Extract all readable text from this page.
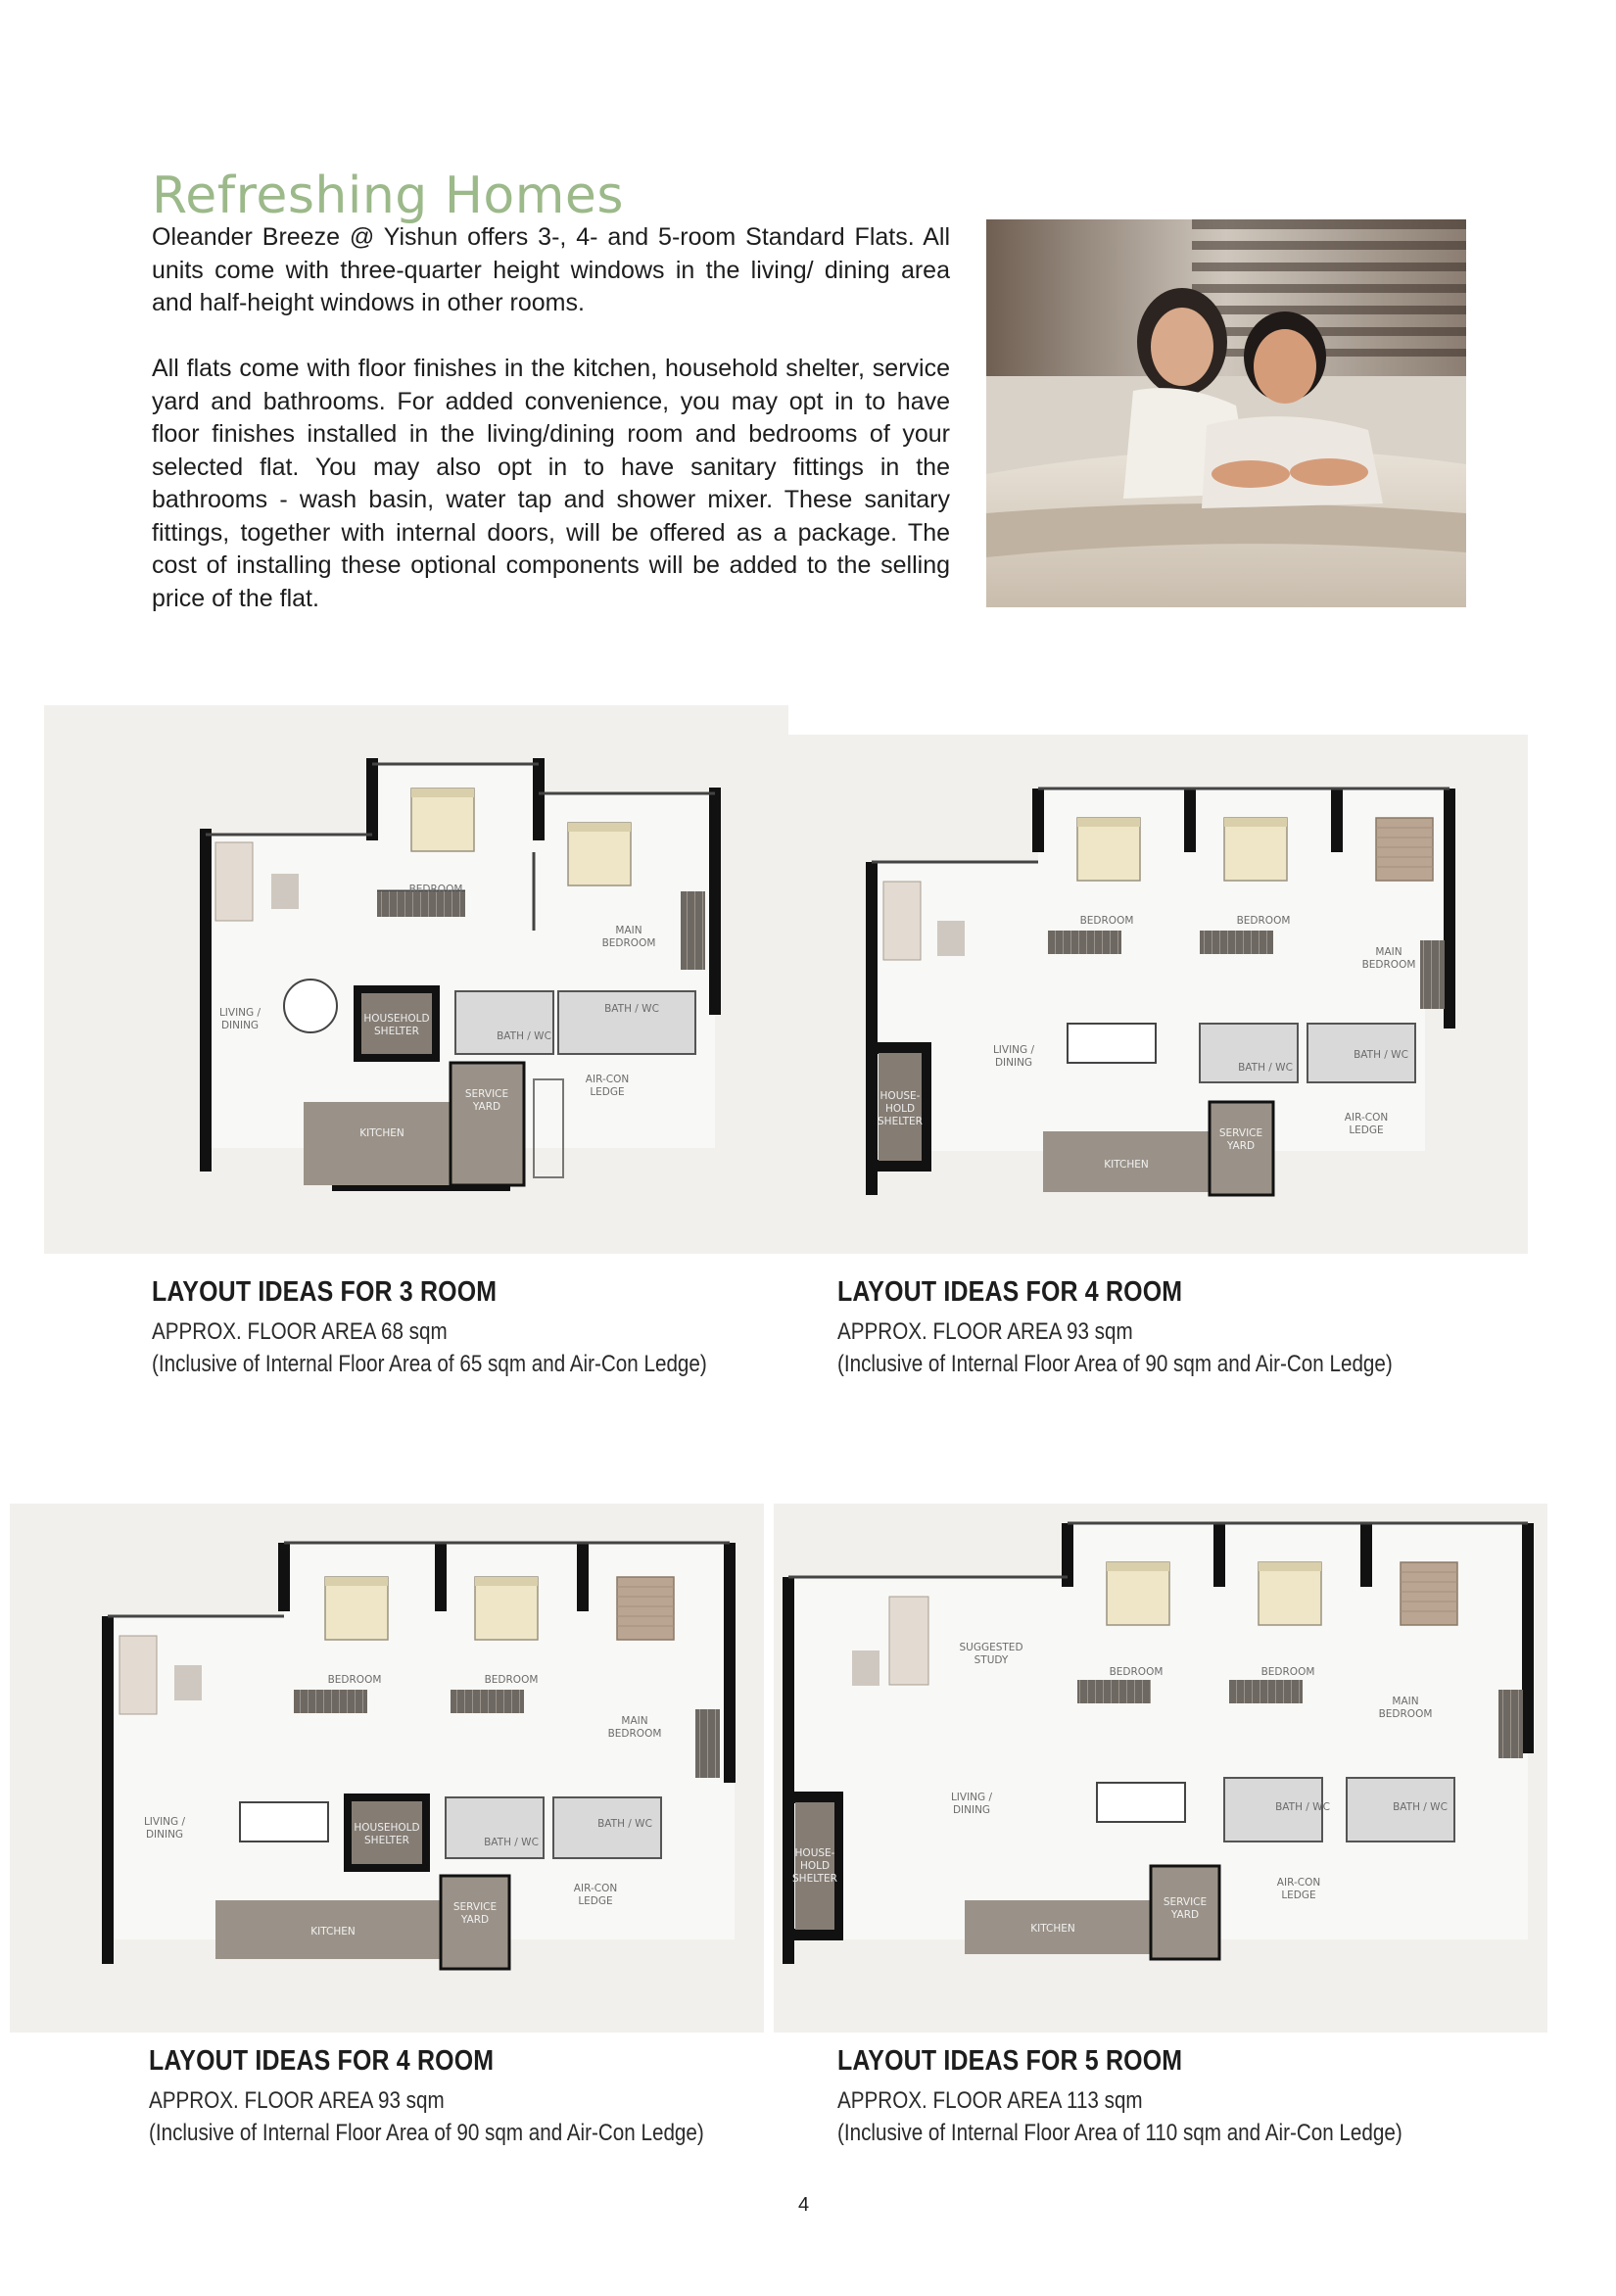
Refreshing Homes

Oleander Breeze @ Yishun offers 3-, 4- and 5-room Standard Flats. All units come with three-quarter height windows in the living/ dining area and half-height windows in other rooms.

All flats come with floor finishes in the kitchen, household shelter, service yard and bathrooms. For added convenience, you may opt in to have floor finishes installed in the living/dining room and bedrooms of your selected flat. You may also opt in to have sanitary fittings in the bathrooms - wash basin, water tap and shower mixer. These sanitary fittings, together with internal doors, will be offered as a package. The cost of installing these optional components will be added to the selling price of the flat.

BEDROOM
MAIN
BEDROOM
LIVING /
DINING
HOUSEHOLD
SHELTER	BATH / WC
BATH / WC
AIR-CON
LEDGE
KITCHEN
SERVICE
YARD
BEDROOM	BEDROOM
MAIN
BEDROOM
LIVING /
DINING
HOUSE-
HOLD
SHELTER
BATH / WC
BATH / WC
AIR-CON
LEDGE
KITCHEN
SERVICE
YARD
BEDROOM	BEDROOM
MAIN
BEDROOM
LIVING /
DINING
HOUSEHOLD
SHELTER	BATH / WC
BATH / WC
AIR-CON
LEDGE
KITCHEN
SERVICE
YARD
SUGGESTED
STUDY
BEDROOM	BEDROOM
MAIN
BEDROOM
LIVING /
DINING
HOUSE-
HOLD
SHELTER
BATH / WC	BATH / WC
AIR-CON
LEDGE
KITCHEN
SERVICE
YARD
LAYOUT IDEAS FOR 3 ROOM
APPROX. FLOOR AREA 68 sqm
(Inclusive of Internal Floor Area of 65 sqm and Air-Con Ledge)
LAYOUT IDEAS FOR 4 ROOM
APPROX. FLOOR AREA 93 sqm
(Inclusive of Internal Floor Area of 90 sqm and Air-Con Ledge)
LAYOUT IDEAS FOR 4 ROOM
APPROX. FLOOR AREA 93 sqm
(Inclusive of Internal Floor Area of 90 sqm and Air-Con Ledge)
LAYOUT IDEAS FOR 5 ROOM
APPROX. FLOOR AREA 113 sqm
(Inclusive of Internal Floor Area of 110 sqm and Air-Con Ledge)
4
